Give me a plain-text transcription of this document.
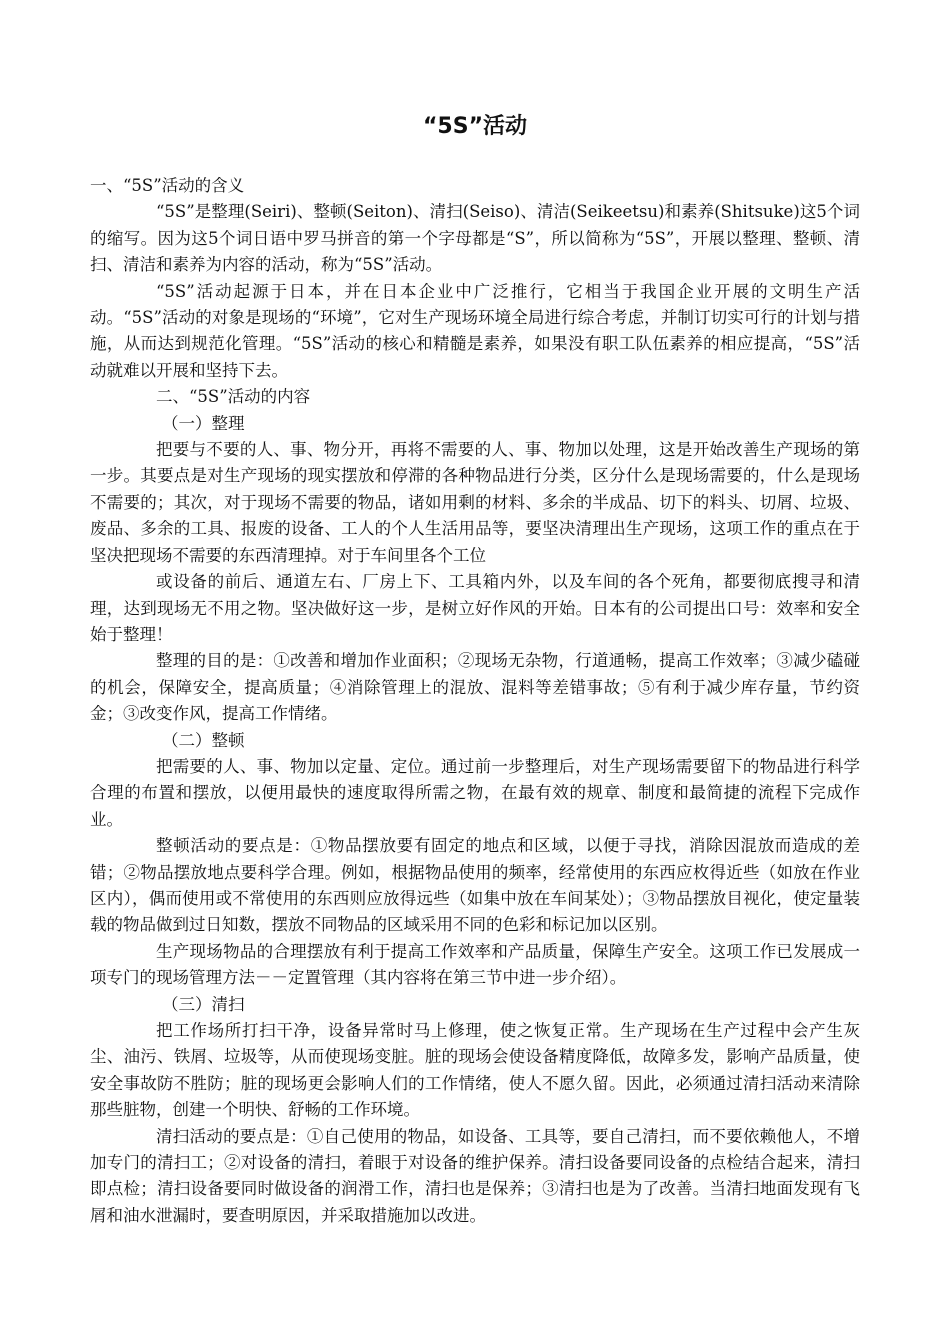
“5S”活动

一、“5S”活动的含义

“5S”是整理(Seiri)、整顿(Seiton)、清扫(Seiso)、清洁(Seikeetsu)和素养(Shitsuke)这5个词的缩写。因为这5个词日语中罗马拼音的第一个字母都是“S”，所以简称为“5S”，开展以整理、整顿、清扫、清洁和素养为内容的活动，称为“5S”活动。

“5S”活动起源于日本，并在日本企业中广泛推行，它相当于我国企业开展的文明生产活动。“5S”活动的对象是现场的“环境”，它对生产现场环境全局进行综合考虑，并制订切实可行的计划与措施，从而达到规范化管理。“5S”活动的核心和精髓是素养，如果没有职工队伍素养的相应提高，“5S”活动就难以开展和坚持下去。

二、“5S”活动的内容

（一）整理

把要与不要的人、事、物分开，再将不需要的人、事、物加以处理，这是开始改善生产现场的第一步。其要点是对生产现场的现实摆放和停滞的各种物品进行分类，区分什么是现场需要的，什么是现场不需要的；其次，对于现场不需要的物品，诸如用剩的材料、多余的半成品、切下的料头、切屑、垃圾、废品、多余的工具、报废的设备、工人的个人生活用品等，要坚决清理出生产现场，这项工作的重点在于坚决把现场不需要的东西清理掉。对于车间里各个工位

或设备的前后、通道左右、厂房上下、工具箱内外，以及车间的各个死角，都要彻底搜寻和清理，达到现场无不用之物。坚决做好这一步，是树立好作风的开始。日本有的公司提出口号：效率和安全始于整理！

整理的目的是：①改善和增加作业面积；②现场无杂物，行道通畅，提高工作效率；③减少磕碰的机会，保障安全，提高质量；④消除管理上的混放、混料等差错事故；⑤有利于减少库存量，节约资金；③改变作风，提高工作情绪。

（二）整顿

把需要的人、事、物加以定量、定位。通过前一步整理后，对生产现场需要留下的物品进行科学合理的布置和摆放，以便用最快的速度取得所需之物，在最有效的规章、制度和最简捷的流程下完成作业。

整顿活动的要点是：①物品摆放要有固定的地点和区域，以便于寻找，消除因混放而造成的差错；②物品摆放地点要科学合理。例如，根据物品使用的频率，经常使用的东西应枚得近些（如放在作业区内），偶而使用或不常使用的东西则应放得远些（如集中放在车间某处）；③物品摆放目视化，使定量装载的物品做到过日知数，摆放不同物品的区域采用不同的色彩和标记加以区别。

生产现场物品的合理摆放有利于提高工作效率和产品质量，保障生产安全。这项工作已发展成一项专门的现场管理方法－－定置管理（其内容将在第三节中进一步介绍）。

（三）清扫

把工作场所打扫干净，设备异常时马上修理，使之恢复正常。生产现场在生产过程中会产生灰尘、油污、铁屑、垃圾等，从而使现场变脏。脏的现场会使设备精度降低，故障多发，影响产品质量，使安全事故防不胜防；脏的现场更会影响人们的工作情绪，使人不愿久留。因此，必须通过清扫活动来清除那些脏物，创建一个明快、舒畅的工作环境。

清扫活动的要点是：①自己使用的物品，如设备、工具等，要自己清扫，而不要依赖他人，不增加专门的清扫工；②对设备的清扫，着眼于对设备的维护保养。清扫设备要同设备的点检结合起来，清扫即点检；清扫设备要同时做设备的润滑工作，清扫也是保养；③清扫也是为了改善。当清扫地面发现有飞屑和油水泄漏时，要查明原因，并采取措施加以改进。
